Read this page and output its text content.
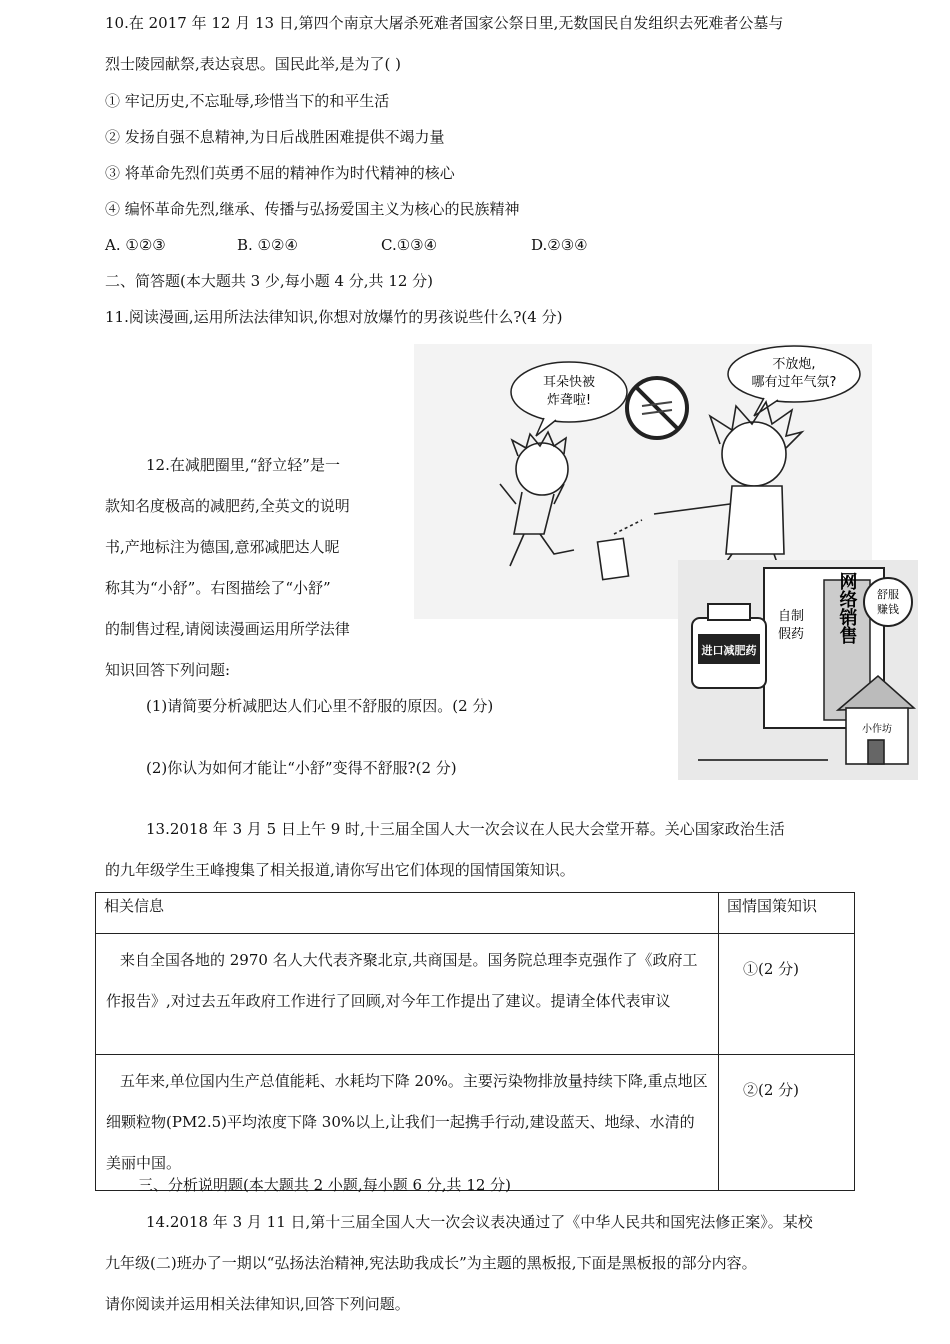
10.在 2017 年 12 月 13 日,第四个南京大屠杀死难者国家公祭日里,无数国民自发组织去死难者公墓与
烈士陵园献祭,表达哀思。国民此举,是为了( )
① 牢记历史,不忘耻辱,珍惜当下的和平生活
② 发扬自强不息精神,为日后战胜困难提供不竭力量
③ 将革命先烈们英勇不屈的精神作为时代精神的核心
④ 编怀革命先烈,继承、传播与弘扬爱国主义为核心的民族精神
A. ①②③	B. ①②④	C.①③④	D.②③④
二、简答题(本大题共 3 少,每小题 4 分,共 12 分)
11.阅读漫画,运用所法法律知识,你想对放爆竹的男孩说些什么?(4 分)
耳朵快被
炸聋啦!
不放炮,
哪有过年气氛?
12.在减肥圈里,“舒立轻”是一
款知名度极高的减肥药,全英文的说明
书,产地标注为德国,意邪减肥达人昵
称其为“小舒”。右图描绘了“小舒”
的制售过程,请阅读漫画运用所学法律
知识回答下列问题:
网络销售
自制
假药
进口减肥药
舒服
赚钱
小作坊
(1)请简要分析减肥达人们心里不舒服的原因。(2 分)
(2)你认为如何才能让“小舒”变得不舒服?(2 分)
13.2018 年 3 月 5 日上午 9 时,十三届全国人大一次会议在人民大会堂开幕。关心国家政治生活
的九年级学生王峰搜集了相关报道,请你写出它们体现的国情国策知识。
相关信息	国情国策知识
来自全国各地的 2970 名人大代表齐聚北京,共商国是。国务院总理李克强作了《政府工作报告》,对过去五年政府工作进行了回顾,对今年工作提出了建议。提请全体代表审议	①(2 分)
五年来,单位国内生产总值能耗、水耗均下降 20%。主要污染物排放量持续下降,重点地区细颗粒物(PM2.5)平均浓度下降 30%以上,让我们一起携手行动,建设蓝天、地绿、水清的美丽中国。	②(2 分)
三、分析说明题(本大题共 2 小题,每小题 6 分,共 12 分)
14.2018 年 3 月 11 日,第十三届全国人大一次会议表决通过了《中华人民共和国宪法修正案》。某校
九年级(二)班办了一期以“弘扬法治精神,宪法助我成长”为主题的黑板报,下面是黑板报的部分内容。
请你阅读并运用相关法律知识,回答下列问题。
